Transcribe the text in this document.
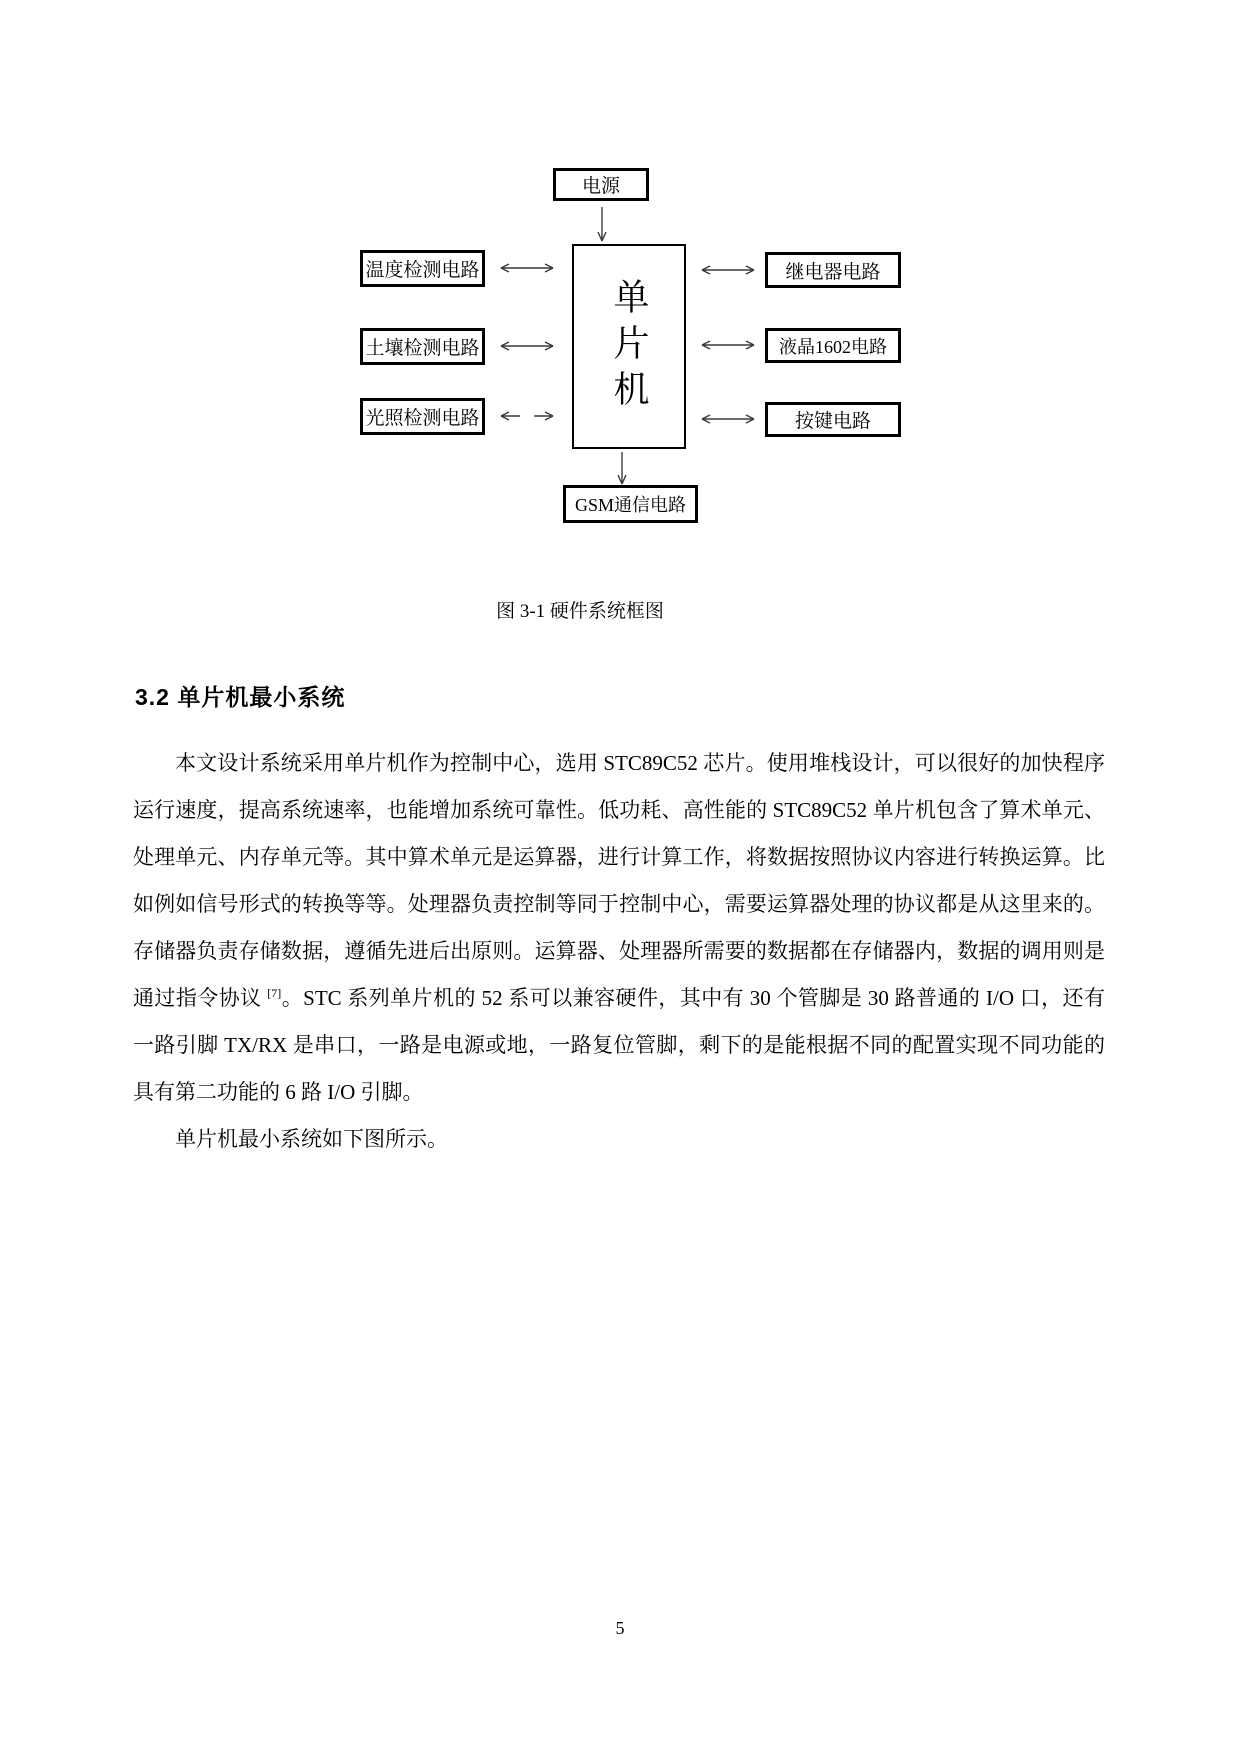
电源
单片机
温度检测电路
土壤检测电路
光照检测电路
继电器电路
液晶1602电路
按键电路
GSM通信电路
图 3-1 硬件系统框图
3.2 单片机最小系统

本文设计系统采用单片机作为控制中心，选用 STC89C52 芯片。使用堆栈设计，可以很好的加快程序运行速度，提高系统速率，也能增加系统可靠性。低功耗、高性能的 STC89C52 单片机包含了算术单元、处理单元、内存单元等。其中算术单元是运算器，进行计算工作，将数据按照协议内容进行转换运算。比如例如信号形式的转换等等。处理器负责控制等同于控制中心，需要运算器处理的协议都是从这里来的。存储器负责存储数据，遵循先进后出原则。运算器、处理器所需要的数据都在存储器内，数据的调用则是通过指令协议 [7]。STC 系列单片机的 52 系可以兼容硬件，其中有 30 个管脚是 30 路普通的 I/O 口，还有一路引脚 TX/RX 是串口，一路是电源或地，一路复位管脚，剩下的是能根据不同的配置实现不同功能的具有第二功能的 6 路 I/O 引脚。

单片机最小系统如下图所示。

5
